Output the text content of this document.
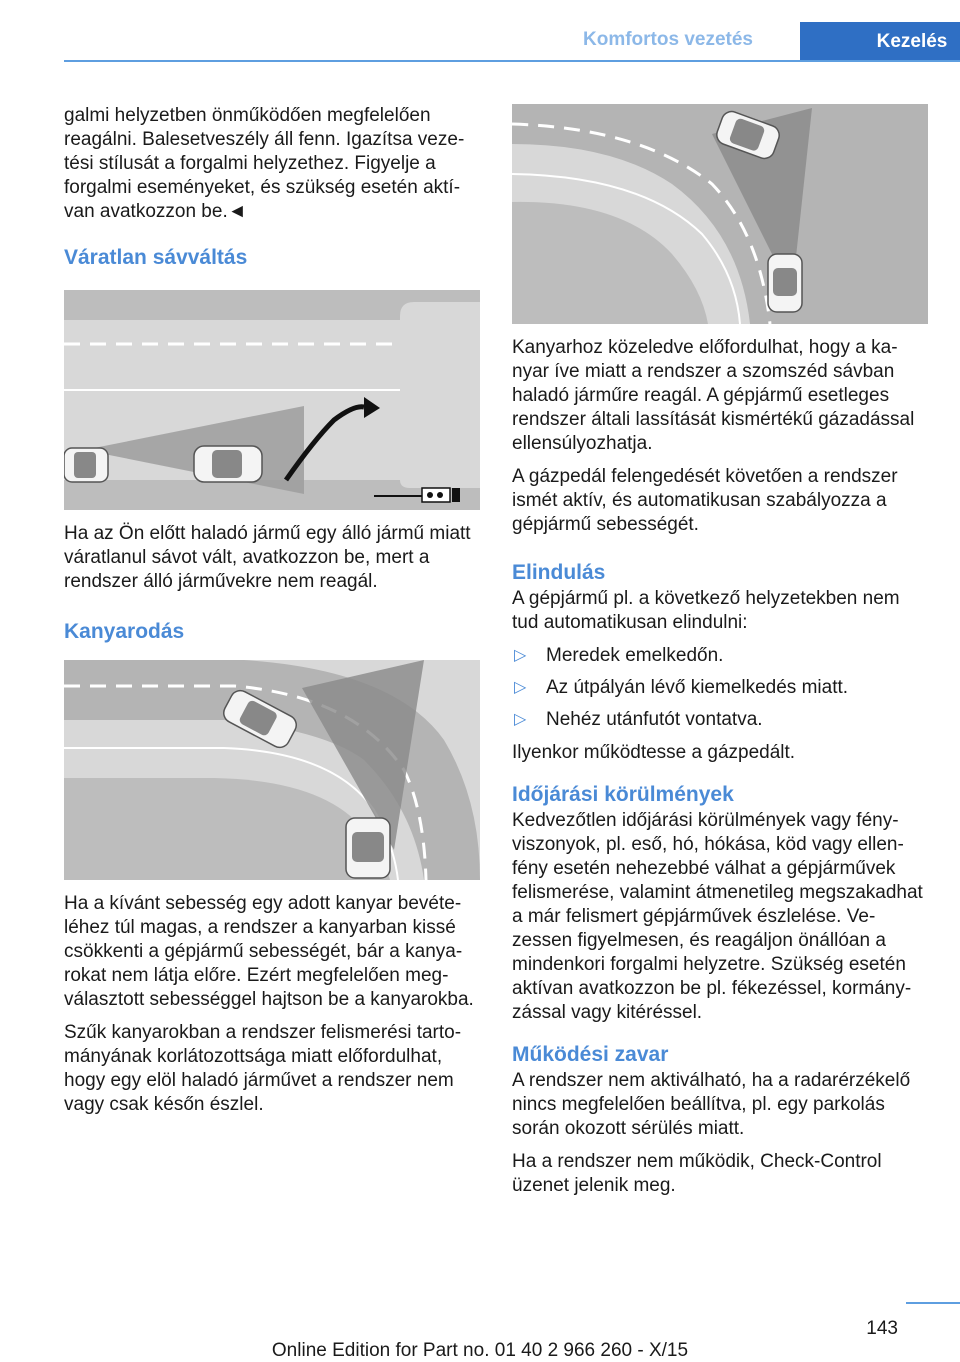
Komfortos vezetés	Kezelés

galmi helyzetben önműködően megfelelően reagálni. Balesetveszély áll fenn. Igazítsa vezetési stílusát a forgalmi helyzethez. Figyelje a forgalmi eseményeket, és szükség esetén aktívan avatkozzon be.◄

Váratlan sávváltás

Ha az Ön előtt haladó jármű egy álló jármű miatt váratlanul sávot vált, avatkozzon be, mert a rendszer álló járművekre nem reagál.

Kanyarodás

Ha a kívánt sebesség egy adott kanyar bevételéhez túl magas, a rendszer a kanyarban kissé csökkenti a gépjármű sebességét, bár a kanyarokat nem látja előre. Ezért megfelelően megválasztott sebességgel hajtson be a kanyarokba.

Szűk kanyarokban a rendszer felismerési tartományának korlátozottsága miatt előfordulhat, hogy egy elöl haladó járművet a rendszer nem vagy csak későn észlel.

Kanyarhoz közeledve előfordulhat, hogy a kanyar íve miatt a rendszer a szomszéd sávban haladó járműre reagál. A gépjármű esetleges rendszer általi lassítását kismértékű gázadással ellensúlyozhatja.

A gázpedál felengedését követően a rendszer ismét aktív, és automatikusan szabályozza a gépjármű sebességét.

Elindulás

A gépjármű pl. a következő helyzetekben nem tud automatikusan elindulni:

▷ Meredek emelkedőn.
▷ Az útpályán lévő kiemelkedés miatt.
▷ Nehéz utánfutót vontatva.

Ilyenkor működtesse a gázpedált.

Időjárási körülmények

Kedvezőtlen időjárási körülmények vagy fényviszonyok, pl. eső, hó, hókása, köd vagy ellenfény esetén nehezebbé válhat a gépjárművek felismerése, valamint átmenetileg megszakadhat a már felismert gépjárművek észlelése. Vezessen figyelmesen, és reagáljon önállóan a mindenkori forgalmi helyzetre. Szükség esetén aktívan avatkozzon be pl. fékezéssel, kormányzással vagy kitéréssel.

Működési zavar

A rendszer nem aktiválható, ha a radarérzékelő nincs megfelelően beállítva, pl. egy parkolás során okozott sérülés miatt.

Ha a rendszer nem működik, Check-Control üzenet jelenik meg.

143
Online Edition for Part no. 01 40 2 966 260 - X/15
